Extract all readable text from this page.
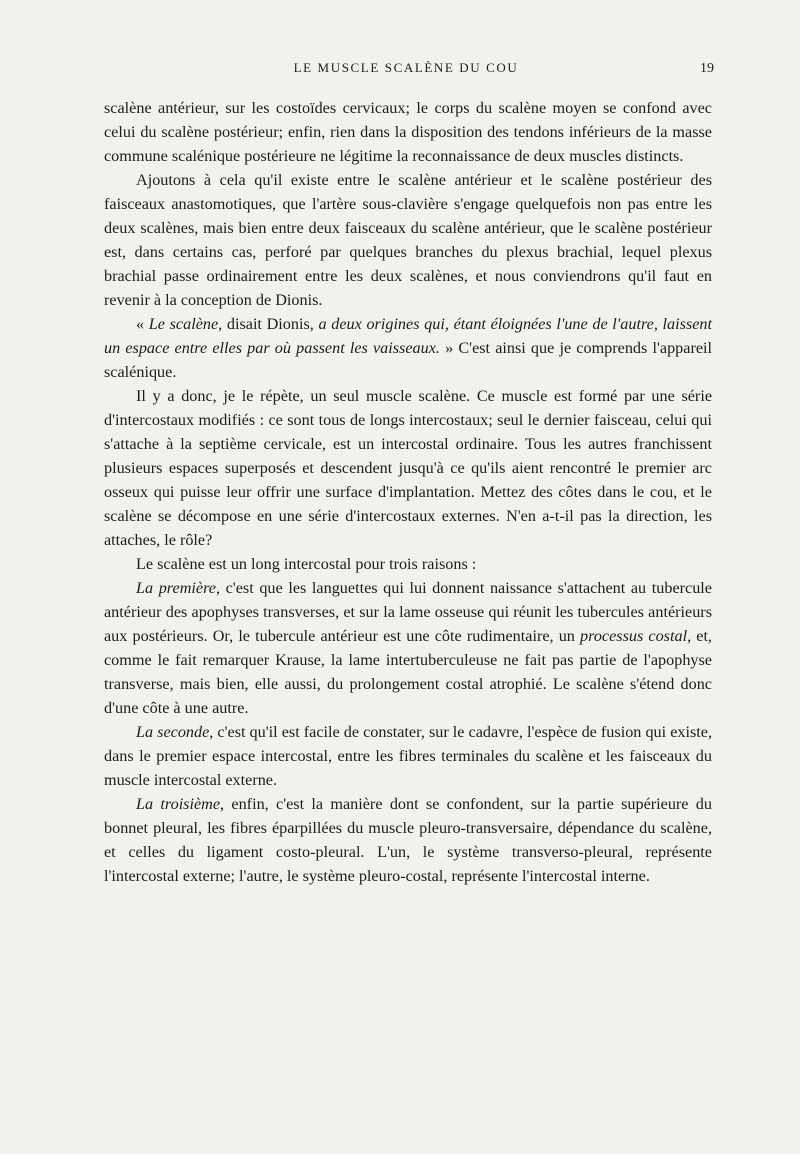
LE MUSCLE SCALÈNE DU COU	19

scalène antérieur, sur les costoïdes cervicaux; le corps du scalène moyen se confond avec celui du scalène postérieur; enfin, rien dans la disposition des tendons inférieurs de la masse commune scalénique postérieure ne légitime la reconnaissance de deux muscles distincts.

Ajoutons à cela qu'il existe entre le scalène antérieur et le scalène postérieur des faisceaux anastomotiques, que l'artère sous-clavière s'engage quelquefois non pas entre les deux scalènes, mais bien entre deux faisceaux du scalène antérieur, que le scalène postérieur est, dans certains cas, perforé par quelques branches du plexus brachial, lequel plexus brachial passe ordinairement entre les deux scalènes, et nous conviendrons qu'il faut en revenir à la conception de Dionis.

« Le scalène, disait Dionis, a deux origines qui, étant éloignées l'une de l'autre, laissent un espace entre elles par où passent les vaisseaux. » C'est ainsi que je comprends l'appareil scalénique.

Il y a donc, je le répète, un seul muscle scalène. Ce muscle est formé par une série d'intercostaux modifiés : ce sont tous de longs intercostaux; seul le dernier faisceau, celui qui s'attache à la septième cervicale, est un intercostal ordinaire. Tous les autres franchissent plusieurs espaces superposés et descendent jusqu'à ce qu'ils aient rencontré le premier arc osseux qui puisse leur offrir une surface d'implantation. Mettez des côtes dans le cou, et le scalène se décompose en une série d'intercostaux externes. N'en a-t-il pas la direction, les attaches, le rôle?

Le scalène est un long intercostal pour trois raisons :

La première, c'est que les languettes qui lui donnent naissance s'attachent au tubercule antérieur des apophyses transverses, et sur la lame osseuse qui réunit les tubercules antérieurs aux postérieurs. Or, le tubercule antérieur est une côte rudimentaire, un processus costal, et, comme le fait remarquer Krause, la lame intertuberculeuse ne fait pas partie de l'apophyse transverse, mais bien, elle aussi, du prolongement costal atrophié. Le scalène s'étend donc d'une côte à une autre.

La seconde, c'est qu'il est facile de constater, sur le cadavre, l'espèce de fusion qui existe, dans le premier espace intercostal, entre les fibres terminales du scalène et les faisceaux du muscle intercostal externe.

La troisième, enfin, c'est la manière dont se confondent, sur la partie supérieure du bonnet pleural, les fibres éparpillées du muscle pleuro-transversaire, dépendance du scalène, et celles du ligament costo-pleural. L'un, le système transverso-pleural, représente l'intercostal externe; l'autre, le système pleuro-costal, représente l'intercostal interne.
